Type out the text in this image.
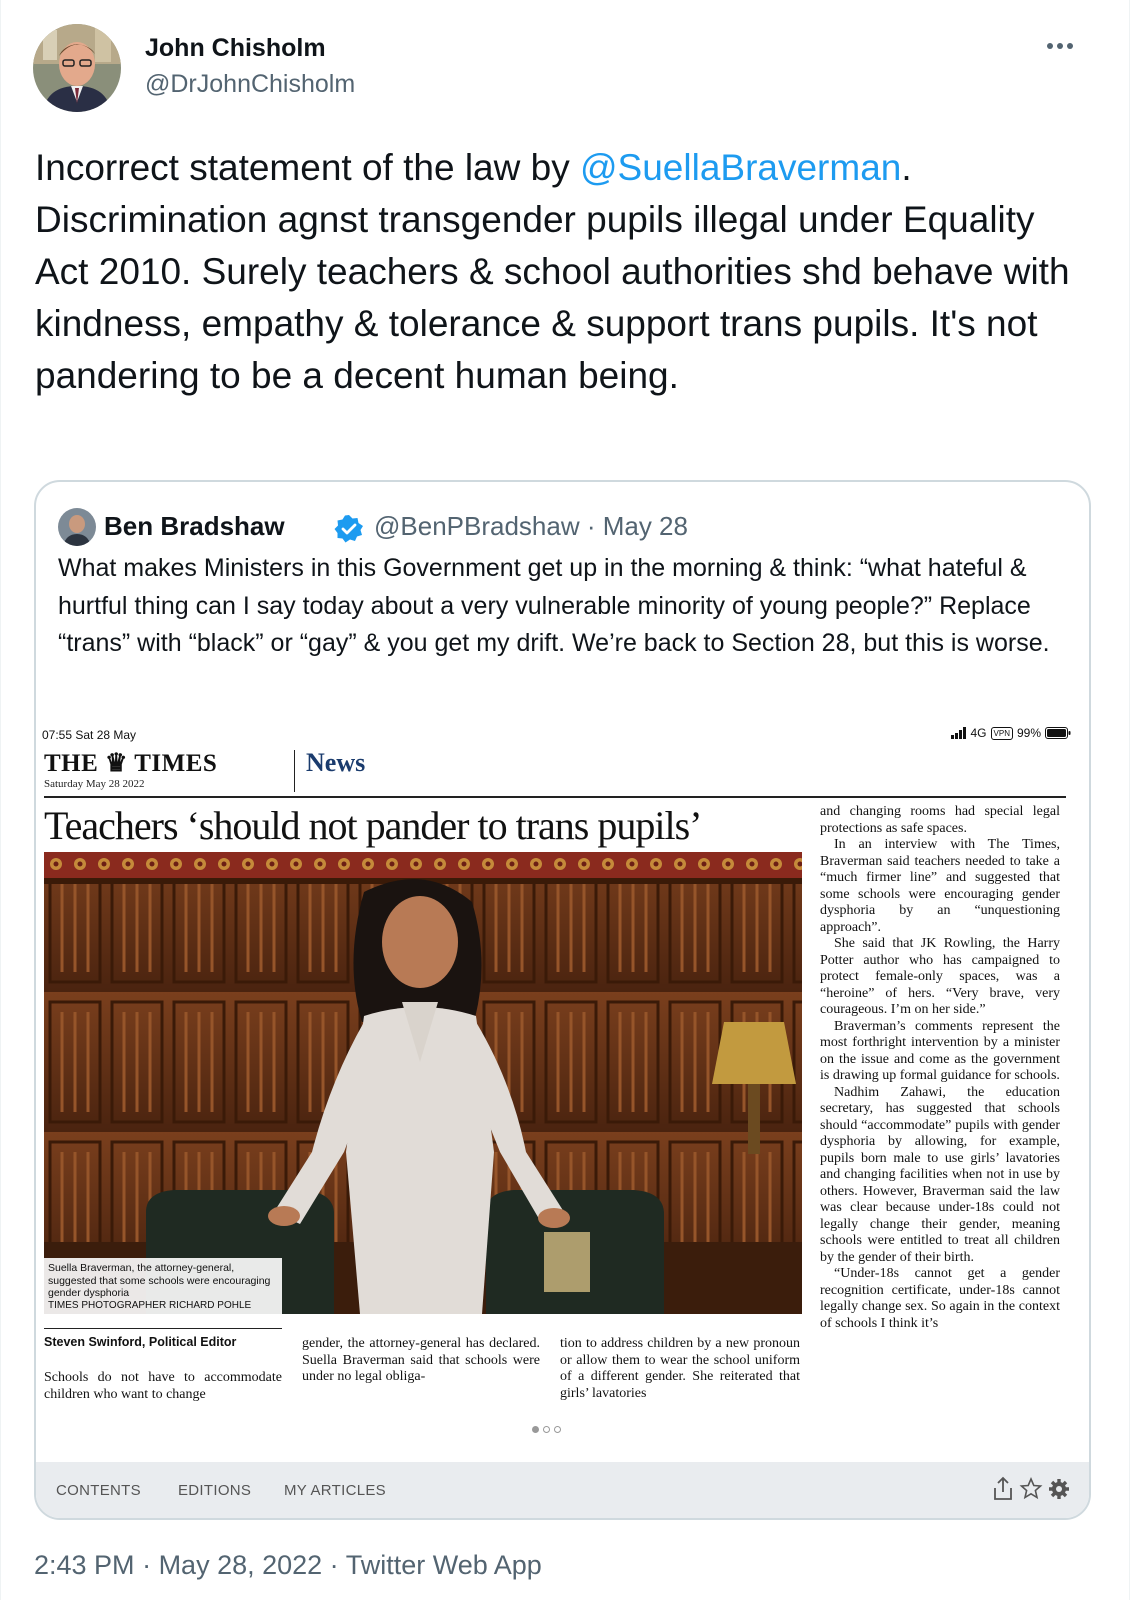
John Chisholm
@DrJohnChisholm
Incorrect statement of the law by @SuellaBraverman. Discrimination agnst transgender pupils illegal under Equality Act 2010. Surely teachers & school authorities shd behave with kindness, empathy & tolerance & support trans pupils. It's not pandering to be a decent human being.
Ben Bradshaw	@BenPBradshaw · May 28
What makes Ministers in this Government get up in the morning & think: “what hateful & hurtful thing can I say today about a very vulnerable minority of young people?” Replace “trans” with “black” or “gay” & you get my drift. We’re back to Section 28, but this is worse.
07:55 Sat 28 May	4G VPN 99%
THE ♛ TIMES
Saturday May 28 2022
News
Teachers ‘should not pander to trans pupils’
Suella Braverman, the attorney-general, suggested that some schools were encouraging gender dysphoria
TIMES PHOTOGRAPHER RICHARD POHLE
Steven Swinford, Political Editor
Schools do not have to accommodate children who want to change
gender, the attorney-general has declared. Suella Braverman said that schools were under no legal obliga-
tion to address children by a new pronoun or allow them to wear the school uniform of a different gender. She reiterated that girls’ lavatories

and changing rooms had special legal protections as safe spaces.

In an interview with The Times, Braverman said teachers needed to take a “much firmer line” and suggested that some schools were encouraging gender dysphoria by an “unquestioning approach”.

She said that JK Rowling, the Harry Potter author who has campaigned to protect female-only spaces, was a “heroine” of hers. “Very brave, very courageous. I’m on her side.”

Braverman’s comments represent the most forthright intervention by a minister on the issue and come as the government is drawing up formal guidance for schools.

Nadhim Zahawi, the education secretary, has suggested that schools should “accommodate” pupils with gender dysphoria by allowing, for example, pupils born male to use girls’ lavatories and changing facilities when not in use by others. However, Braverman said the law was clear because under-18s could not legally change their gender, meaning schools were entitled to treat all children by the gender of their birth.

“Under-18s cannot get a gender recognition certificate, under-18s cannot legally change sex. So again in the context of schools I think it’s

CONTENTS EDITIONS MY ARTICLES
2:43 PM · May 28, 2022 · Twitter Web App
